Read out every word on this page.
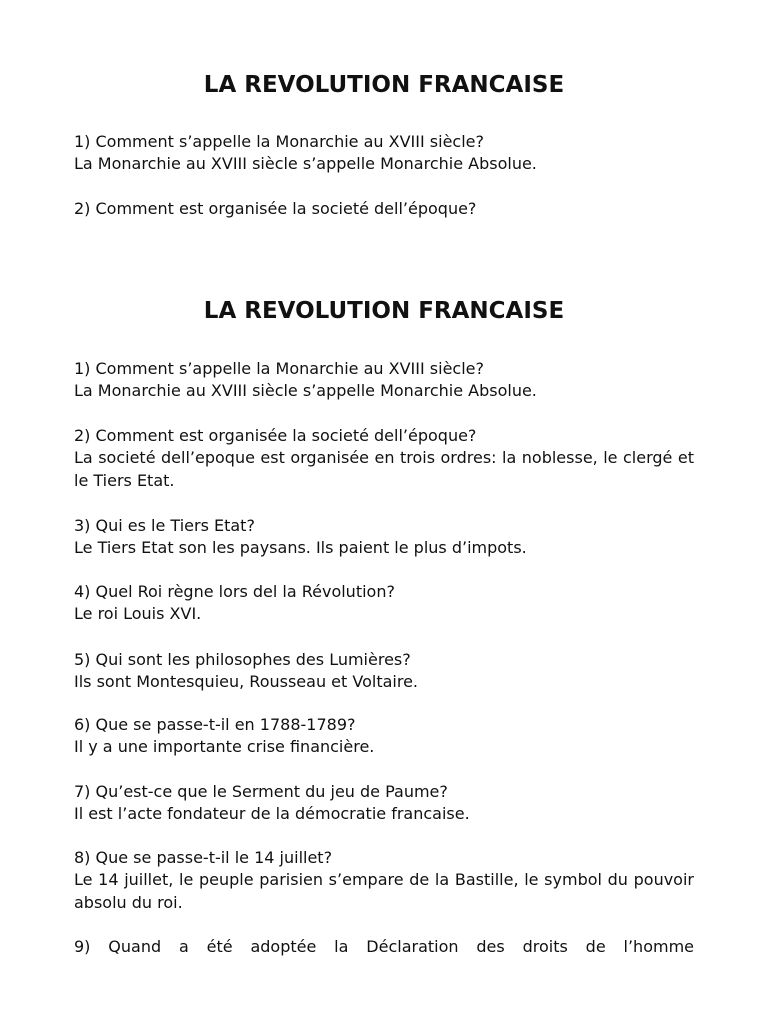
LA REVOLUTION FRANCAISE

1) Comment s’appelle la Monarchie au XVIII siècle?

La Monarchie au XVIII siècle s’appelle Monarchie Absolue.

2) Comment est organisée la societé dell’époque?

LA REVOLUTION FRANCAISE

1) Comment s’appelle la Monarchie au XVIII siècle?

La Monarchie au XVIII siècle s’appelle Monarchie Absolue.

2) Comment est organisée la societé dell’époque?

La societé dell’epoque est organisée en trois ordres: la noblesse, le clergé et le Tiers Etat.

3) Qui es le Tiers Etat?

Le Tiers Etat son les paysans. Ils paient le plus d’impots.

4) Quel Roi règne lors del la Révolution?

Le roi Louis XVI.

5) Qui sont les philosophes des Lumières?

Ils sont Montesquieu, Rousseau et Voltaire.

6) Que se passe-t-il en 1788-1789?

Il y a une importante crise financière.

7) Qu’est-ce que le Serment du jeu de Paume?

Il est l’acte fondateur de la démocratie francaise.

8) Que se passe-t-il le 14 juillet?

Le 14 juillet, le peuple parisien s’empare de la Bastille, le symbol du pouvoir absolu du roi.

9) Quand a été adoptée la Déclaration des droits de l’homme
